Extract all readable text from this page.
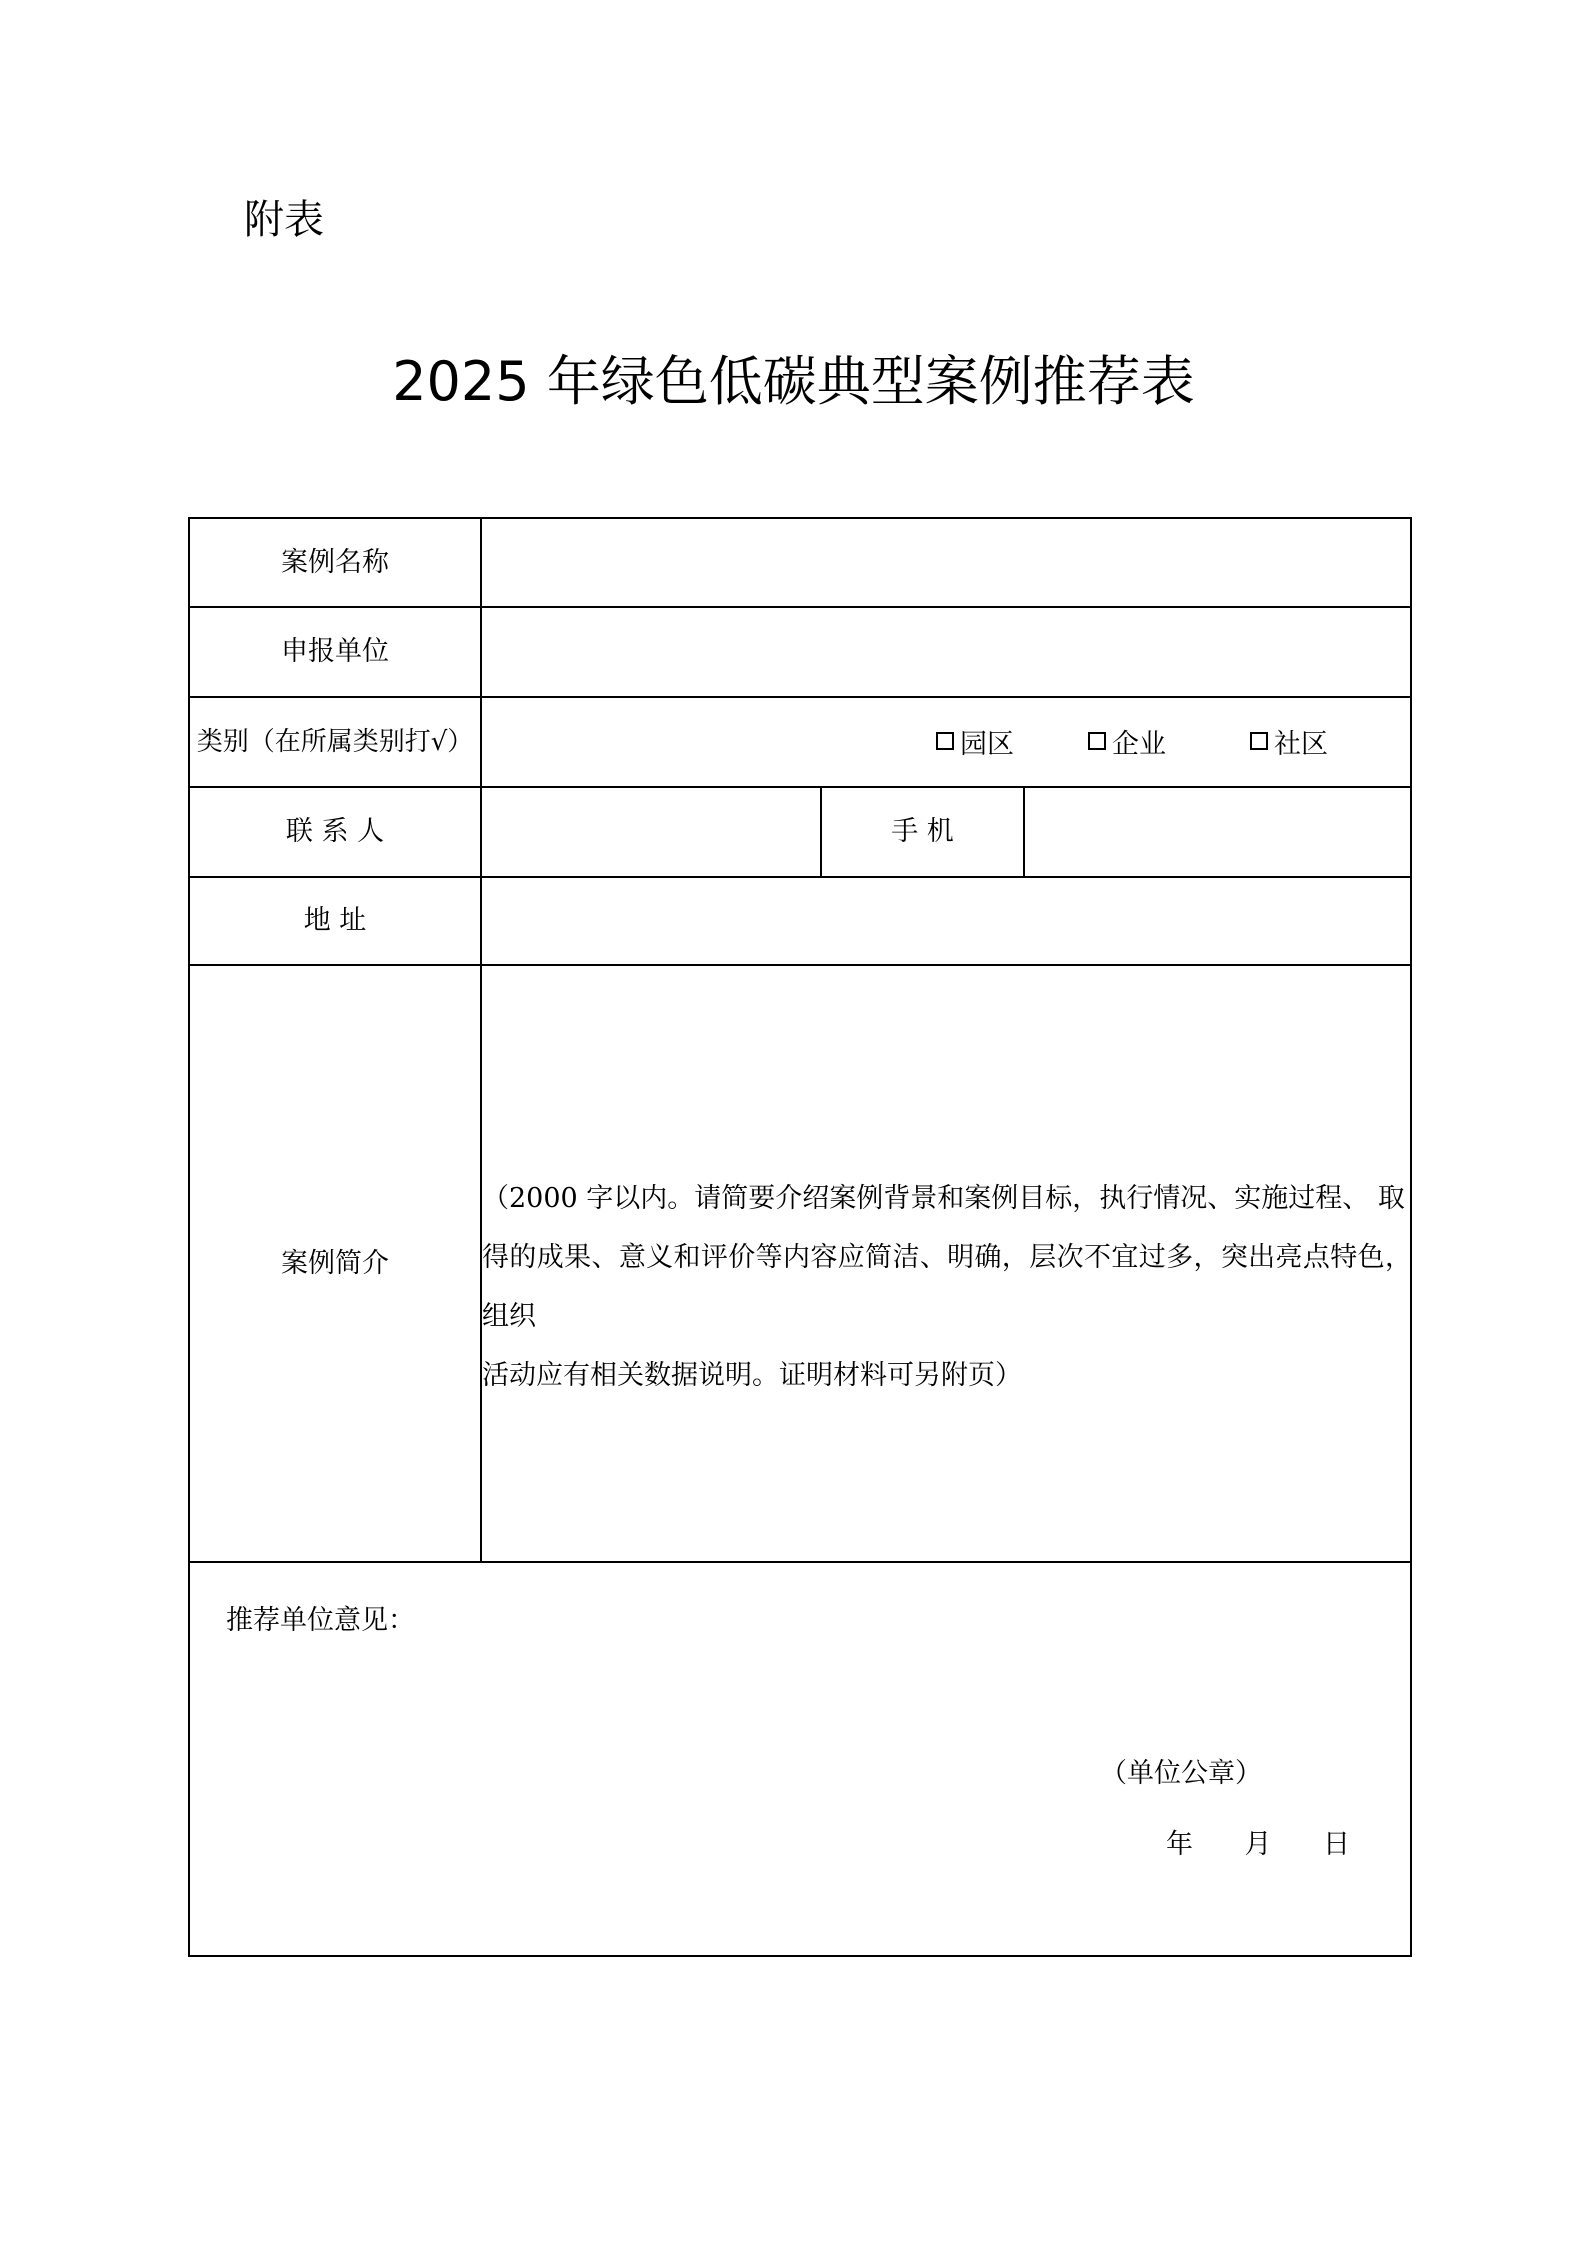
附表
2025 年绿色低碳典型案例推荐表
案例名称
申报单位
类别（在所属类别打√）	园区	企业	社区
联 系 人	手 机
地 址
案例简介
（2000 字以内。请简要介绍案例背景和案例目标，执行情况、实施过程、 取
得的成果、意义和评价等内容应简洁、明确，层次不宜过多，突出亮点特色，组织
活动应有相关数据说明。证明材料可另附页）
推荐单位意见：
（单位公章）
年      月      日
